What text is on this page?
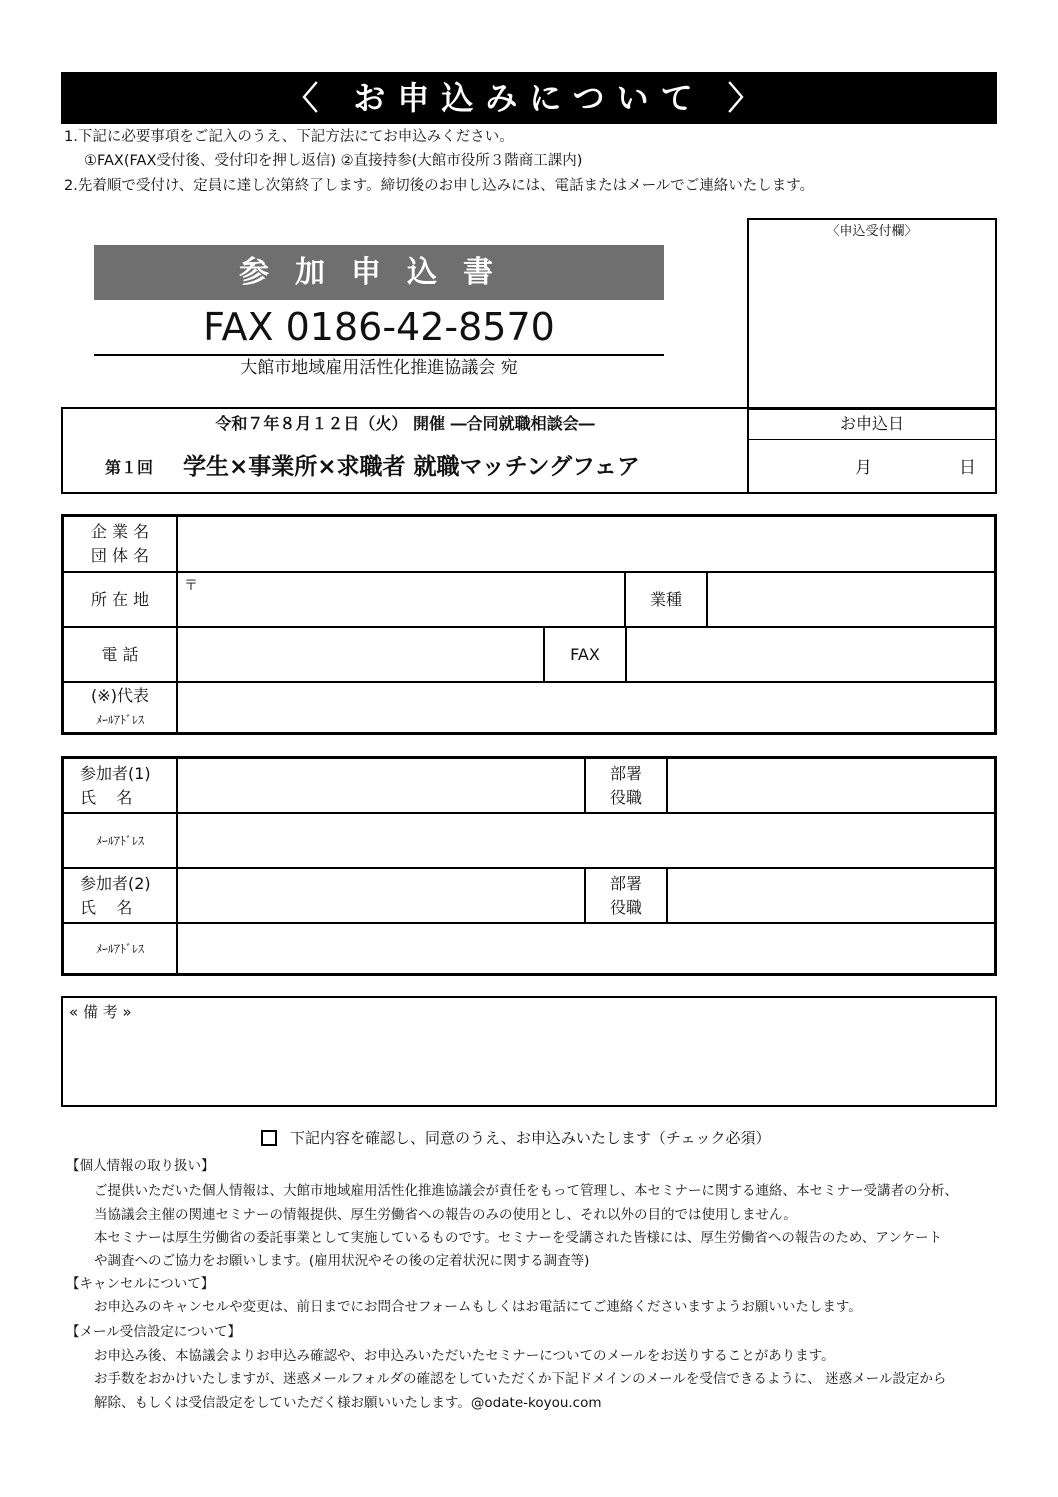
〈 お申込みについて 〉
1.下記に必要事項をご記入のうえ、下記方法にてお申込みください。
①FAX(FAX受付後、受付印を押し返信) ②直接持参(大館市役所３階商工課内)
2.先着順で受付け、定員に達し次第終了します。締切後のお申し込みには、電話またはメールでご連絡いたします。
参加申込書
FAX 0186-42-8570
大館市地域雇用活性化推進協議会 宛
〈申込受付欄〉
令和７年８月１２日（火） 開催 ―合同就職相談会―
第１回 学生×事業所×求職者 就職マッチングフェア
お申込日
月	日
企 業 名
団 体 名
所 在 地
〒
業種
電 話	FAX
(※)代表
ﾒｰﾙｱﾄﾞﾚｽ
参加者(1)
氏    名
部署
役職
ﾒｰﾙｱﾄﾞﾚｽ
参加者(2)
氏    名
部署
役職
ﾒｰﾙｱﾄﾞﾚｽ
« 備 考 »
下記内容を確認し、同意のうえ、お申込みいたします（チェック必須）
【個人情報の取り扱い】
ご提供いただいた個人情報は、大館市地域雇用活性化推進協議会が責任をもって管理し、本セミナーに関する連絡、本セミナー受講者の分析、
当協議会主催の関連セミナーの情報提供、厚生労働省への報告のみの使用とし、それ以外の目的では使用しません。
本セミナーは厚生労働省の委託事業として実施しているものです。セミナーを受講された皆様には、厚生労働省への報告のため、アンケート
や調査へのご協力をお願いします。(雇用状況やその後の定着状況に関する調査等)
【キャンセルについて】
お申込みのキャンセルや変更は、前日までにお問合せフォームもしくはお電話にてご連絡くださいますようお願いいたします。
【メール受信設定について】
お申込み後、本協議会よりお申込み確認や、お申込みいただいたセミナーについてのメールをお送りすることがあります。
お手数をおかけいたしますが、迷惑メールフォルダの確認をしていただくか下記ドメインのメールを受信できるように、 迷惑メール設定から
解除、もしくは受信設定をしていただく様お願いいたします。@odate-koyou.com
